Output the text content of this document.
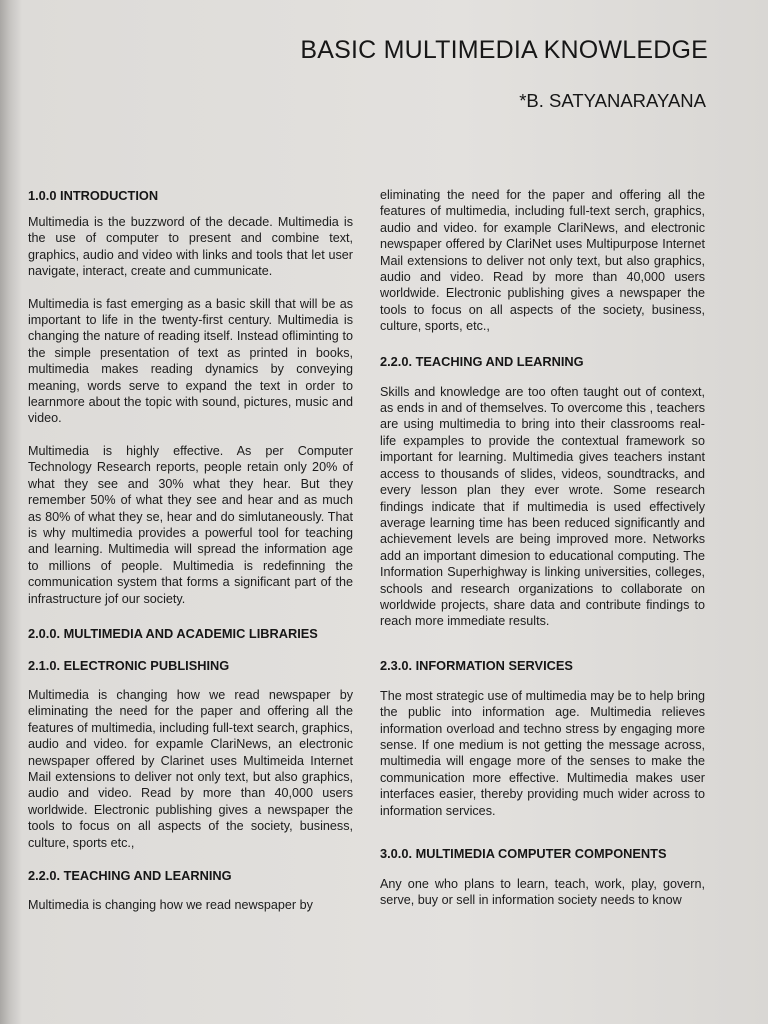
BASIC MULTIMEDIA KNOWLEDGE
*B. SATYANARAYANA
1.0.0 INTRODUCTION

Multimedia is the buzzword of the decade. Multimedia is the use of computer to present and combine text, graphics, audio and video with links and tools that let user navigate, interact, create and cummunicate.

Multimedia is fast emerging as a basic skill that will be as important to life in the twenty-first century. Multimedia is changing the nature of reading itself. Instead ofliminting to the simple presentation of text as printed in books, multimedia makes reading dynamics by conveying meaning, words serve to expand the text in order to learnmore about the topic with sound, pictures, music and video.

Multimedia is highly effective. As per Computer Technology Research reports, people retain only 20% of what they see and 30% what they hear. But they remember 50% of what they see and hear and as much as 80% of what they se, hear and do simlutaneously. That is why multimedia provides a powerful tool for teaching and learning. Multimedia will spread the information age to millions of people. Multimedia is redefinning the communication system that forms a significant part of the infrastructure jof our society.

2.0.0. MULTIMEDIA AND ACADEMIC LIBRARIES
2.1.0. ELECTRONIC PUBLISHING

Multimedia is changing how we read newspaper by eliminating the need for the paper and offering all the features of multimedia, including full-text search, graphics, audio and video. for expamle ClariNews, an electronic newspaper offered by Clarinet uses Multimeida Internet Mail extensions to deliver not only text, but also graphics, audio and video. Read by more than 40,000 users worldwide. Electronic publishing gives a newspaper the tools to focus on all aspects of the society, business, culture, sports etc.,

2.2.0. TEACHING AND LEARNING

Multimedia is changing how we read newspaper by

eliminating the need for the paper and offering all the features of multimedia, including full-text serch, graphics, audio and video. for example ClariNews, and electronic newspaper offered by ClariNet uses Multipurpose Internet Mail extensions to deliver not only text, but also graphics, audio and video. Read by more than 40,000 users worldwide. Electronic publishing gives a newspaper the tools to focus on all aspects of the society, business, culture, sports, etc.,

2.2.0. TEACHING AND LEARNING

Skills and knowledge are too often taught out of context, as ends in and of themselves. To overcome this , teachers are using multimedia to bring into their classrooms real-life expamples to provide the contextual framework so important for learning. Multimedia gives teachers instant access to thousands of slides, videos, soundtracks, and every lesson plan they ever wrote. Some research findings indicate that if multimedia is used effectively average learning time has been reduced significantly and achievement levels are being improved more. Networks add an important dimesion to educational computing. The Information Superhighway is linking universities, colleges, schools and research organizations to collaborate on worldwide projects, share data and contribute findings to reach more immediate results.

2.3.0. INFORMATION SERVICES

The most strategic use of multimedia may be to help bring the public into information age. Multimedia relieves information overload and techno stress by engaging more sense. If one medium is not getting the message across, multimedia will engage more of the senses to make the communication more effective. Multimedia makes user interfaces easier, thereby providing much wider across to information services.

3.0.0. MULTIMEDIA COMPUTER COMPONENTS

Any one who plans to learn, teach, work, play, govern, serve, buy or sell in information society needs to know
